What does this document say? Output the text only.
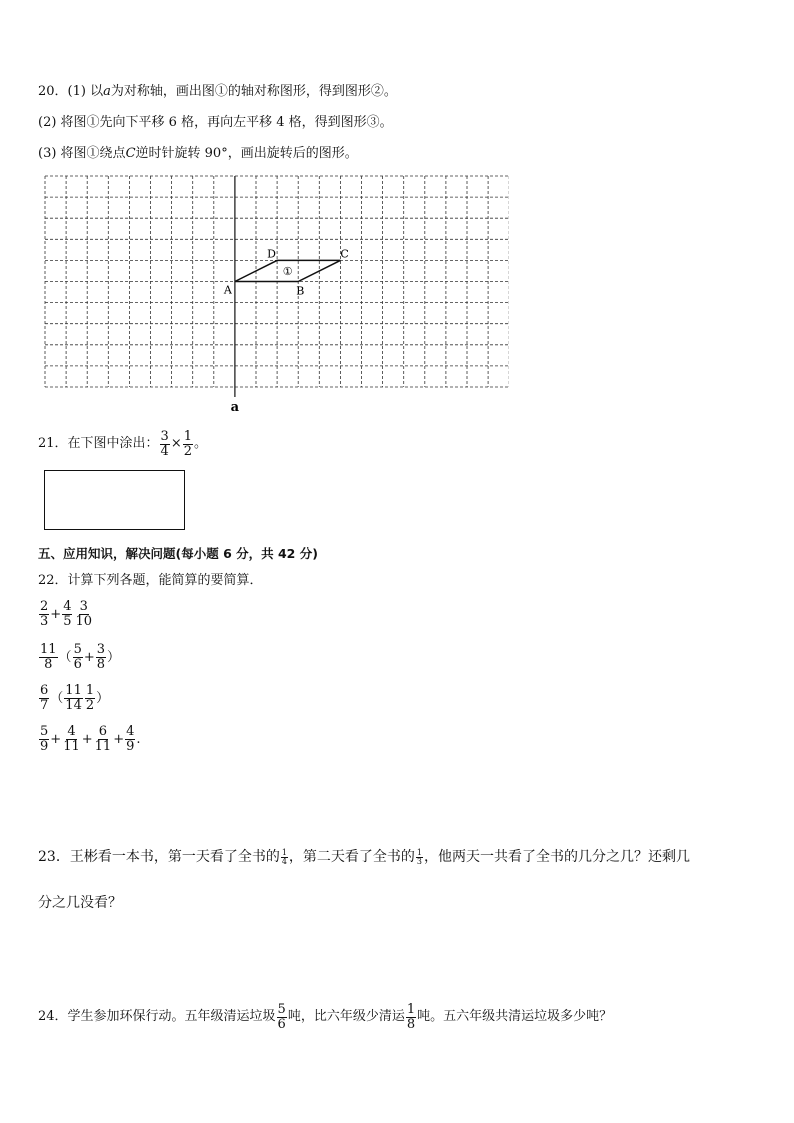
20．(1) 以a为对称轴，画出图①的轴对称图形，得到图形②。
(2) 将图①先向下平移 6 格，再向左平移 4 格，得到图形③。
(3) 将图①绕点C逆时针旋转 90°，画出旋转后的图形。
①
A	B
C
D
a
21．在下图中涂出： $\frac{3}{4} \times \frac{1}{2}$ 。
五、应用知识，解决问题(每小题 6 分，共 42 分)
22．计算下列各题，能简算的要简算．
$\frac{2}{3} + \frac{4}{5} \frac{3}{10}$
$\frac{11}{8}$ （ $\frac{5}{6} + \frac{3}{8}$ ）
$\frac{6}{7}$ （ $\frac{11}{14} \frac{1}{2}$ ）
$\frac{5}{9} + \frac{4}{11} + \frac{6}{11} + \frac{4}{9}$ .
23．王彬看一本书，第一天看了全书的 $\frac{1}{4}$ ，第二天看了全书的 $\frac{1}{3}$ ，他两天一共看了全书的几分之几？还剩几
分之几没看？
24．学生参加环保行动。五年级清运垃圾 $\frac{5}{6}$ 吨，比六年级少清运 $\frac{1}{8}$ 吨。五六年级共清运垃圾多少吨？
